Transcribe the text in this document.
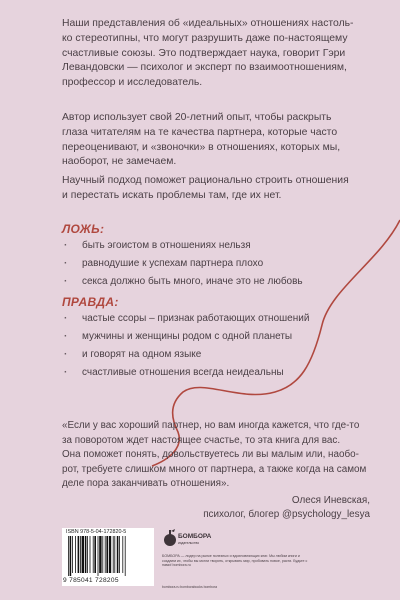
Наши представления об «идеальных» отношениях настоль-
ко стереотипны, что могут разрушить даже по-настоящему
счастливые союзы. Это подтверждает наука, говорит Гэри
Левандовски — психолог и эксперт по взаимоотношениям,
профессор и исследователь.

Автор использует свой 20-летний опыт, чтобы раскрыть
глаза читателям на те качества партнера, которые часто
переоценивают, и «звоночки» в отношениях, которых мы,
наоборот, не замечаем.

Научный подход поможет рационально строить отношения
и перестать искать проблемы там, где их нет.

ЛОЖЬ:
· быть эгоистом в отношениях нельзя
· равнодушие к успехам партнера плохо
· секса должно быть много, иначе это не любовь
ПРАВДА:
· частые ссоры – признак работающих отношений
· мужчины и женщины родом с одной планеты
· и говорят на одном языке
· счастливые отношения всегда неидеальны

«Если у вас хороший партнер, но вам иногда кажется, что где-то
за поворотом ждет настоящее счастье, то эта книга для вас.
Она поможет понять, довольствуетесь ли вы малым или, наобо-
рот, требуете слишком много от партнера, а также когда на самом
деле пора заканчивать отношения».

Олеся Иневская,
психолог, блогер @psychology_lesya
ISBN 978-5-04-172820-5
9 785041 728205
БОМБОРА
издательство
БОМБОРА — лидер на рынке полезных и вдохновляющих книг. Мы любим книги и создаем их, чтобы вы могли творить, открывать мир, пробовать новое, расти. Будьте с нами! bombora.ru
bombora.ru bomborabooks bombora
